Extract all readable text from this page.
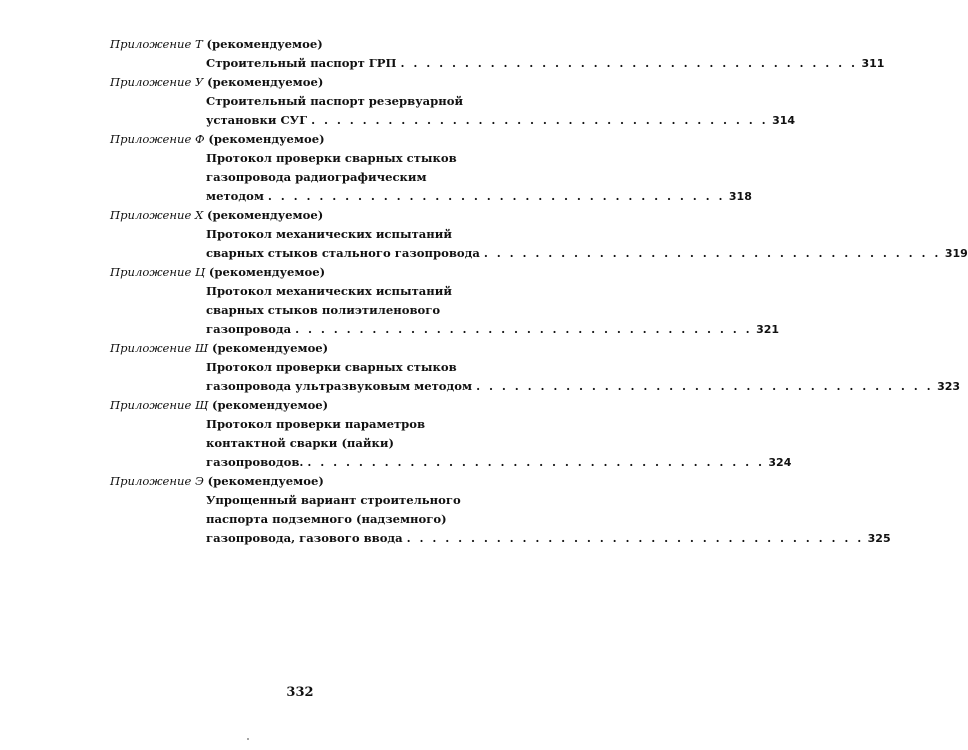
Приложение Т (рекомендуемое)
Строительный паспорт ГРП . . . . . . . . . . . . . . . . . . . . . . . . . . . . . . . . . . . . 311
Приложение У (рекомендуемое)
Строительный паспорт резервуарной
установки СУГ . . . . . . . . . . . . . . . . . . . . . . . . . . . . . . . . . . . . 314
Приложение Ф (рекомендуемое)
Протокол проверки сварных стыков
газопровода радиографическим
методом . . . . . . . . . . . . . . . . . . . . . . . . . . . . . . . . . . . . 318
Приложение Х (рекомендуемое)
Протокол механических испытаний
сварных стыков стального газопровода . . . . . . . . . . . . . . . . . . . . . . . . . . . . . . . . . . . . 319
Приложение Ц (рекомендуемое)
Протокол механических испытаний
сварных стыков полиэтиленового
газопровода . . . . . . . . . . . . . . . . . . . . . . . . . . . . . . . . . . . . 321
Приложение Ш (рекомендуемое)
Протокол проверки сварных стыков
газопровода ультразвуковым методом . . . . . . . . . . . . . . . . . . . . . . . . . . . . . . . . . . . . 323
Приложение Щ (рекомендуемое)
Протокол проверки параметров
контактной сварки (пайки)
газопроводов. . . . . . . . . . . . . . . . . . . . . . . . . . . . . . . . . . . . . 324
Приложение Э (рекомендуемое)
Упрощенный вариант строительного
паспорта подземного (надземного)
газопровода, газового ввода . . . . . . . . . . . . . . . . . . . . . . . . . . . . . . . . . . . . 325
332
